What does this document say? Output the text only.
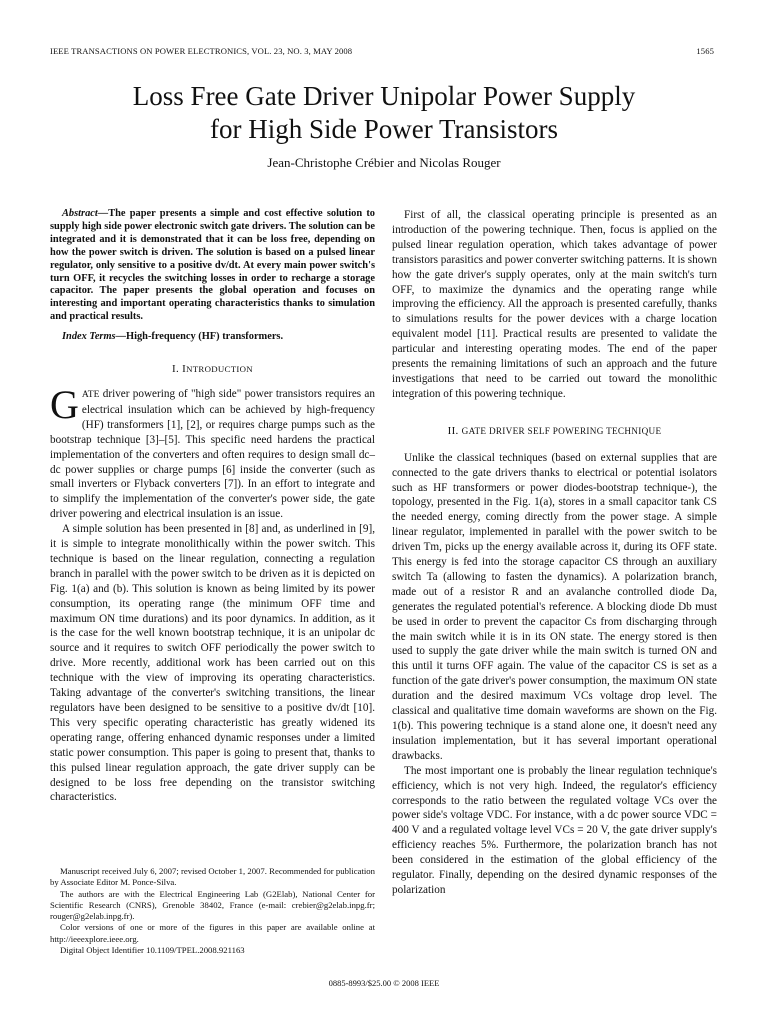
IEEE TRANSACTIONS ON POWER ELECTRONICS, VOL. 23, NO. 3, MAY 2008	1565
Loss Free Gate Driver Unipolar Power Supply
for High Side Power Transistors
Jean-Christophe Crébier and Nicolas Rouger

Abstract—The paper presents a simple and cost effective solution to supply high side power electronic switch gate drivers. The solution can be integrated and it is demonstrated that it can be loss free, depending on how the power switch is driven. The solution is based on a pulsed linear regulator, only sensitive to a positive dv/dt. At every main power switch's turn OFF, it recycles the switching losses in order to recharge a storage capacitor. The paper presents the global operation and focuses on interesting and important operating characteristics thanks to simulation and practical results.

Index Terms—High-frequency (HF) transformers.

I. INTRODUCTION

GATE driver powering of "high side" power transistors requires an electrical insulation which can be achieved by high-frequency (HF) transformers [1], [2], or requires charge pumps such as the bootstrap technique [3]–[5]. This specific need hardens the practical implementation of the converters and often requires to design small dc–dc power supplies or charge pumps [6] inside the converter (such as small inverters or Flyback converters [7]). In an effort to integrate and to simplify the implementation of the converter's power side, the gate driver powering and electrical insulation is an issue.

A simple solution has been presented in [8] and, as underlined in [9], it is simple to integrate monolithically within the power switch. This technique is based on the linear regulation, connecting a regulation branch in parallel with the power switch to be driven as it is depicted on Fig. 1(a) and (b). This solution is known as being limited by its power consumption, its operating range (the minimum OFF time and maximum ON time durations) and its poor dynamics. In addition, as it is the case for the well known bootstrap technique, it is an unipolar dc source and it requires to switch OFF periodically the power switch to drive. More recently, additional work has been carried out on this technique with the view of improving its operating characteristics. Taking advantage of the converter's switching transitions, the linear regulators have been designed to be sensitive to a positive dv/dt [10]. This very specific operating characteristic has greatly widened its operating range, offering enhanced dynamic responses under a limited static power consumption. This paper is going to present that, thanks to this pulsed linear regulation approach, the gate driver supply can be designed to be loss free depending on the transistor switching characteristics.

Manuscript received July 6, 2007; revised October 1, 2007. Recommended for publication by Associate Editor M. Ponce-Silva.

The authors are with the Electrical Engineering Lab (G2Elab), National Center for Scientific Research (CNRS), Grenoble 38402, France (e-mail: crebier@g2elab.inpg.fr; rouger@g2elab.inpg.fr).

Color versions of one or more of the figures in this paper are available online at http://ieeexplore.ieee.org.

Digital Object Identifier 10.1109/TPEL.2008.921163

First of all, the classical operating principle is presented as an introduction of the powering technique. Then, focus is applied on the pulsed linear regulation operation, which takes advantage of power transistors parasitics and power converter switching patterns. It is shown how the gate driver's supply operates, only at the main switch's turn OFF, to maximize the dynamics and the operating range while improving the efficiency. All the approach is presented carefully, thanks to simulations results for the power devices with a charge location equivalent model [11]. Practical results are presented to validate the particular and interesting operating modes. The end of the paper presents the remaining limitations of such an approach and the future investigations that need to be carried out toward the monolithic integration of this powering technique.

II. GATE DRIVER SELF POWERING TECHNIQUE

Unlike the classical techniques (based on external supplies that are connected to the gate drivers thanks to electrical or potential isolators such as HF transformers or power diodes-bootstrap technique-), the topology, presented in the Fig. 1(a), stores in a small capacitor tank CS the needed energy, coming directly from the power stage. A simple linear regulator, implemented in parallel with the power switch to be driven Tm, picks up the energy available across it, during its OFF state. This energy is fed into the storage capacitor CS through an auxiliary switch Ta (allowing to fasten the dynamics). A polarization branch, made out of a resistor R and an avalanche controlled diode Da, generates the regulated potential's reference. A blocking diode Db must be used in order to prevent the capacitor Cs from discharging through the main switch while it is in its ON state. The energy stored is then used to supply the gate driver while the main switch is turned ON and this until it turns OFF again. The value of the capacitor CS is set as a function of the gate driver's power consumption, the maximum ON state duration and the desired maximum VCs voltage drop level. The classical and qualitative time domain waveforms are shown on the Fig. 1(b). This powering technique is a stand alone one, it doesn't need any insulation implementation, but it has several important operational drawbacks.

The most important one is probably the linear regulation technique's efficiency, which is not very high. Indeed, the regulator's efficiency corresponds to the ratio between the regulated voltage VCs over the power side's voltage VDC. For instance, with a dc power source VDC = 400 V and a regulated voltage level VCs = 20 V, the gate driver supply's efficiency reaches 5%. Furthermore, the polarization branch has not been considered in the estimation of the global efficiency of the regulator. Finally, depending on the desired dynamic responses of the polarization

0885-8993/$25.00 © 2008 IEEE
